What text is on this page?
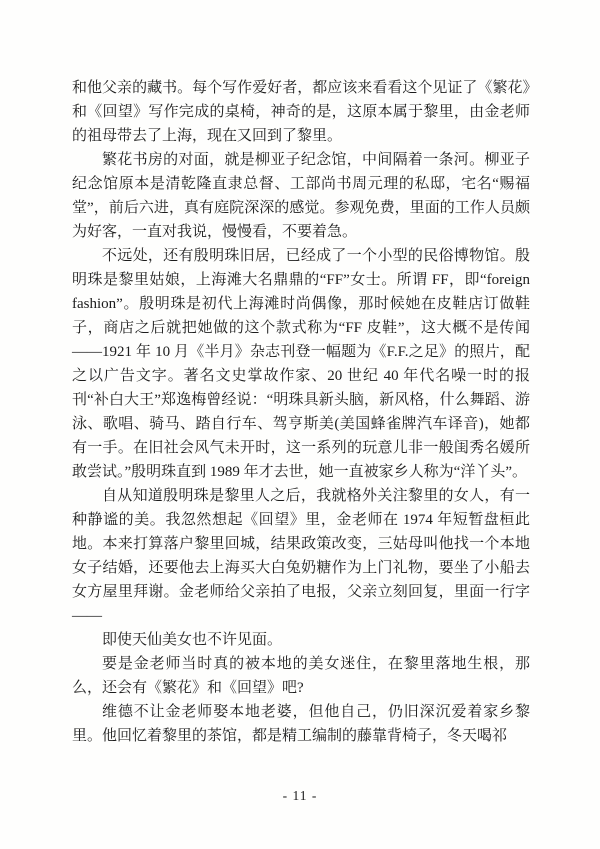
和他父亲的藏书。每个写作爱好者，都应该来看看这个见证了《繁花》和《回望》写作完成的桌椅，神奇的是，这原本属于黎里，由金老师的祖母带去了上海，现在又回到了黎里。

繁花书房的对面，就是柳亚子纪念馆，中间隔着一条河。柳亚子纪念馆原本是清乾隆直隶总督、工部尚书周元理的私邸，宅名“赐福堂”，前后六进，真有庭院深深的感觉。参观免费，里面的工作人员颇为好客，一直对我说，慢慢看，不要着急。

不远处，还有殷明珠旧居，已经成了一个小型的民俗博物馆。殷明珠是黎里姑娘，上海滩大名鼎鼎的“FF”女士。所谓 FF，即“foreign fashion”。殷明珠是初代上海滩时尚偶像，那时候她在皮鞋店订做鞋子，商店之后就把她做的这个款式称为“FF 皮鞋”，这大概不是传闻——1921 年 10 月《半月》杂志刊登一幅题为《F.F.之足》的照片，配之以广告文字。著名文史掌故作家、20 世纪 40 年代名噪一时的报刊“补白大王”郑逸梅曾经说：“明珠具新头脑，新风格，什么舞蹈、游泳、歌唱、骑马、踏自行车、驾亨斯美(美国蜂雀牌汽车译音)，她都有一手。在旧社会风气未开时，这一系列的玩意儿非一般闺秀名媛所敢尝试。”殷明珠直到 1989 年才去世，她一直被家乡人称为“洋丫头”。

自从知道殷明珠是黎里人之后，我就格外关注黎里的女人，有一种静谧的美。我忽然想起《回望》里，金老师在 1974 年短暂盘桓此地。本来打算落户黎里回城，结果政策改变，三姑母叫他找一个本地女子结婚，还要他去上海买大白兔奶糖作为上门礼物，要坐了小船去女方屋里拜谢。金老师给父亲拍了电报，父亲立刻回复，里面一行字——

即使天仙美女也不许见面。

要是金老师当时真的被本地的美女迷住，在黎里落地生根，那么，还会有《繁花》和《回望》吧?

维德不让金老师娶本地老婆，但他自己，仍旧深沉爱着家乡黎里。他回忆着黎里的茶馆，都是精工编制的藤靠背椅子，冬天喝祁

- 11 -
